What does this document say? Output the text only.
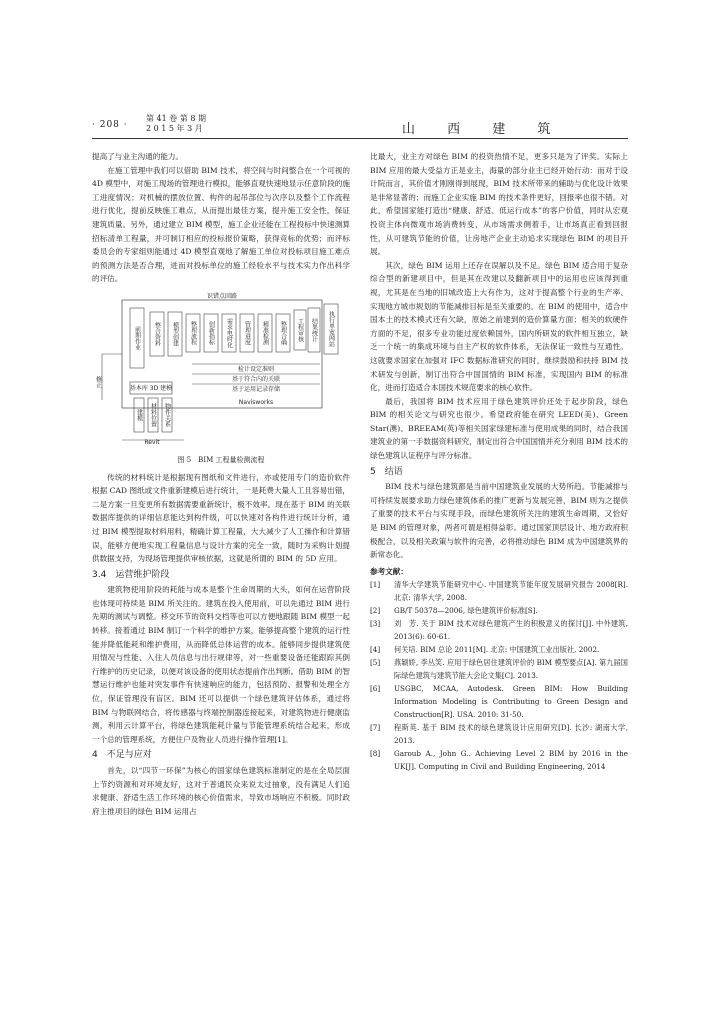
· 208 ·
第 41 卷 第 8 期
2 0 1 5 年 3 月	山 西 建 筑

提高了与业主沟通的能力。

在施工管理中我们可以借助 BIM 技术，将空间与时间整合在一个可视的 4D 模型中，对施工现场的管理进行模拟，能够直观快速地显示任意阶段的施工进度情况；对机械的摆放位置、构件的起吊部位与次序以及整个工作流程进行优化，提前反映施工难点，从而提出最佳方案，提升施工安全性，保证建筑质量。另外，通过建立 BIM 模型，施工企业还能在工程投标中快速测算招标清单工程量，并可制订相应的投标报价策略，获得竞标的优势；而评标委员会的专家组则能通过 4D 模型直观地了解施工单位对投标项目施工难点的预测方法是否合理，进而对投标单位的施工经验水平与技术实力作出科学的评估。

识错点回路
前期作业 整合资料 模型创建 整理流程 创新指标 需求电时化 管理进度 精准检测 整理合确 工程审核 结果统计 执行单宽网站
修正
基本库 3D 建模
建模 材料位置 物件关系
Revit
检计设定准则
基于符合内的关联
基于运用记录存储
Navisworks
图 5　BIM 工程量检测流程

传统的材料统计是根据现有图纸和文件进行，亦或使用专门的造价软件根据 CAD 图纸或文件重新建模后进行统计，一是耗费大量人工且容易出错，二是方案一旦变更所有数据需要重新统计，极不效率。现在基于 BIM 的关联数据库提供的详细信息能达到构件级，可以快速对各构件进行统计分析，通过 BIM 模型提取材料用料，精确计算工程量，大大减少了人工操作和计算错误，能够方便地实现工程量信息与设计方案的完全一致，随时为采购计划提供数据支持，为现场管理提供审核依据，这就是所谓的 BIM 的 5D 应用。

3.4　运营维护阶段

建筑物使用阶段的耗能与成本是整个生命周期的大头，如何在运营阶段也体现可持续是 BIM 所关注的。建筑在投入使用前，可以先通过 BIM 进行先期的测试与调整。移交环节的资料交档等也可以方便地跟随 BIM 模型一起转移。接着通过 BIM 制订一个科学的维护方案，能够提高整个建筑的运行性能并降低能耗和维护费用，从而降低总体运营的成本。能够同步提供建筑使用情况与性能、入住人员信息与出行规律等，对一些重要设备还能跟踪其倒行维护的历史记录，以便对该设备的使用状态提前作出判断。借助 BIM 的智慧运行维护也能对突发事件有快速响应的能力，包括预防、报警和处理全方位，保证管理没有盲区。BIM 还可以提供一个绿色建筑评估体系，通过将 BIM 与物联网结合，将传感器与终端控制器连接起来，对建筑物进行健康监测，利用云计算平台，将绿色建筑能耗计量与节能管理系统结合起来，形成一个总的管理系统，方便住户及物业人员进行操作管理[1]。

4　不足与应对

首先，以“四节一环保”为核心的国家绿色建筑标准制定的是在全局层面上节约资源和对环境友好，这对于普通民众来说太过抽象，没有满足人们追求健康、舒适生活工作环境的核心价值需求，导致市场响应不积极。同时政府主推项目的绿色 BIM 运用占

比最大，业主方对绿色 BIM 的投资热情不足，更多只是为了评奖。实际上 BIM 应用的最大受益方正是业主，海量的部分业主已经开始行动：而对于设计院而言，其价值才刚刚得到展现，BIM 技术所带来的辅助与优化设计效果是非常显著的；而施工企业实施 BIM 的技术条件更好，回报率也很不错。对此，希望国家能打造出“健康、舒适、低运行成本”的客户价值，同时从宏观投资主体向微观市场消费转变，从市场需求侧着手，让市场真正看到回报性，从可建筑节能的价值，让房地产企业主动追求实现绿色 BIM 的项目开展。

其次，绿色 BIM 运用上还存在误解以及不足。绿色 BIM 适合用于复杂综合型的新建项目中，但是其在改建以及翻新项目中的运用也应该得到重视，尤其是在当地的旧城改造上大有作为，这对于提高整个行业的生产率、实现地方城市规划的节能减排目标是至关重要的。在 BIM 的使用中，适合中国本土的技术模式还有欠缺，原始之前建到的造价算量方面；相关的软硬件方面的不足，很多专业功能过度依赖国外，国内所研发的软件相互独立，缺乏一个统一的集成环境与自主产权的软件体系，无法保证一致性与互通性。这就要求国家在加强对 IFC 数据标准研究的同时，继续鼓励和扶持 BIM 技术研发与创新，制订出符合中国国情的 BIM 标准，实现国内 BIM 的标准化，进而打造适合本国技术规范要求的核心软件。

最后，我国将 BIM 技术应用于绿色建筑评价还处于起步阶段，绿色 BIM 的相关论文与研究也很少。希望政府能在研究 LEED(美)、Green Star(澳)、BREEAM(英)等相关国家绿建标准与使用成果的同时，结合我国建筑业的第一手数据资料研究，制定出符合中国国情并充分利用 BIM 技术的绿色建筑认证程序与评分标准。

5　结语

BIM 技术与绿色建筑都是当前中国建筑业发展的大势所趋。节能减排与可持续发展要求助力绿色建筑体系的推广更新与发展完善，BIM 则为之提供了重要的技术平台与实现手段，而绿色建筑所关注的建筑生命周期，又恰好是 BIM 的管理对象，两者可谓是相得益彰。通过国家顶层设计、地方政府积极配合，以及相关政策与软件的完善，必将推动绿色 BIM 成为中国建筑界的新常态化。

参考文献：
[1]	清华大学建筑节能研究中心. 中国建筑节能年度发展研究报告 2008[R]. 北京: 清华大学, 2008.
[2]	GB/T 50378—2006, 绿色建筑评价标准[S].
[3]	刘　芳. 关于 BIM 技术对绿色建筑产生的积极意义的探讨[J]. 中外建筑, 2013(6): 60-61.
[4]	何关培. BIM 总论 2011[M]. 北京: 中国建筑工业出版社, 2002.
[5]	燕颖娇, 李丛笑. 应用于绿色居住建筑评价的 BIM 模型要点[A]. 第九届国际绿色建筑与建筑节能大会论文集[C]. 2013.
[6]	USGBC, MCAA, Autodesk. Green BIM: How Building Information Modeling is Contributing to Green Design and Construction[R]. USA. 2010: 31-50.
[7]	程斯英. 基于 BIM 技术的绿色建筑设计应用研究[D]. 长沙: 湖南大学, 2013.
[8]	Garoub A., John G.. Achieving Level 2 BIM by 2016 in the UK[J]. Computing in Civil and Building Engineering, 2014
